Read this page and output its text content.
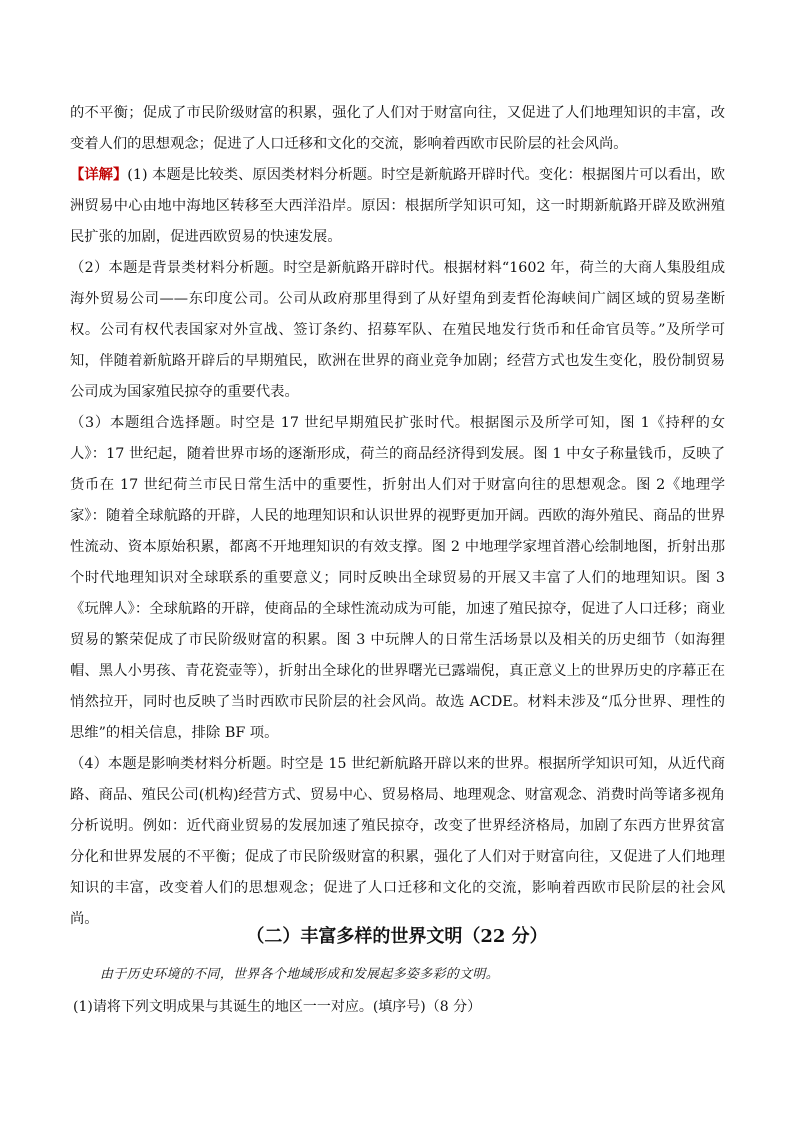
的不平衡；促成了市民阶级财富的积累，强化了人们对于财富向往，又促进了人们地理知识的丰富，改变着人们的思想观念；促进了人口迁移和文化的交流，影响着西欧市民阶层的社会风尚。

【详解】(1) 本题是比较类、原因类材料分析题。时空是新航路开辟时代。变化：根据图片可以看出，欧洲贸易中心由地中海地区转移至大西洋沿岸。原因：根据所学知识可知，这一时期新航路开辟及欧洲殖民扩张的加剧，促进西欧贸易的快速发展。

（2）本题是背景类材料分析题。时空是新航路开辟时代。根据材料“1602 年，荷兰的大商人集股组成海外贸易公司——东印度公司。公司从政府那里得到了从好望角到麦哲伦海峡间广阔区域的贸易垄断权。公司有权代表国家对外宣战、签订条约、招募军队、在殖民地发行货币和任命官员等。”及所学可知，伴随着新航路开辟后的早期殖民，欧洲在世界的商业竞争加剧；经营方式也发生变化，股份制贸易公司成为国家殖民掠夺的重要代表。

（3）本题组合选择题。时空是 17 世纪早期殖民扩张时代。根据图示及所学可知，图 1《持秤的女人》：17 世纪起，随着世界市场的逐渐形成，荷兰的商品经济得到发展。图 1 中女子称量钱币，反映了货币在 17 世纪荷兰市民日常生活中的重要性，折射出人们对于财富向往的思想观念。图 2《地理学家》：随着全球航路的开辟，人民的地理知识和认识世界的视野更加开阔。西欧的海外殖民、商品的世界性流动、资本原始积累，都离不开地理知识的有效支撑。图 2 中地理学家埋首潜心绘制地图，折射出那个时代地理知识对全球联系的重要意义；同时反映出全球贸易的开展又丰富了人们的地理知识。图 3《玩牌人》：全球航路的开辟，使商品的全球性流动成为可能，加速了殖民掠夺，促进了人口迁移；商业贸易的繁荣促成了市民阶级财富的积累。图 3 中玩牌人的日常生活场景以及相关的历史细节（如海狸帽、黑人小男孩、青花瓷壶等），折射出全球化的世界曙光已露端倪，真正意义上的世界历史的序幕正在悄然拉开，同时也反映了当时西欧市民阶层的社会风尚。故选 ACDE。材料未涉及“瓜分世界、理性的思维”的相关信息，排除 BF 项。

（4）本题是影响类材料分析题。时空是 15 世纪新航路开辟以来的世界。根据所学知识可知，从近代商路、商品、殖民公司(机构)经营方式、贸易中心、贸易格局、地理观念、财富观念、消费时尚等诸多视角分析说明。例如：近代商业贸易的发展加速了殖民掠夺，改变了世界经济格局，加剧了东西方世界贫富分化和世界发展的不平衡；促成了市民阶级财富的积累，强化了人们对于财富向往，又促进了人们地理知识的丰富，改变着人们的思想观念；促进了人口迁移和文化的交流，影响着西欧市民阶层的社会风尚。

（二）丰富多样的世界文明（22 分）

由于历史环境的不同，世界各个地域形成和发展起多姿多彩的文明。

(1)请将下列文明成果与其诞生的地区一一对应。(填序号)（8 分）
